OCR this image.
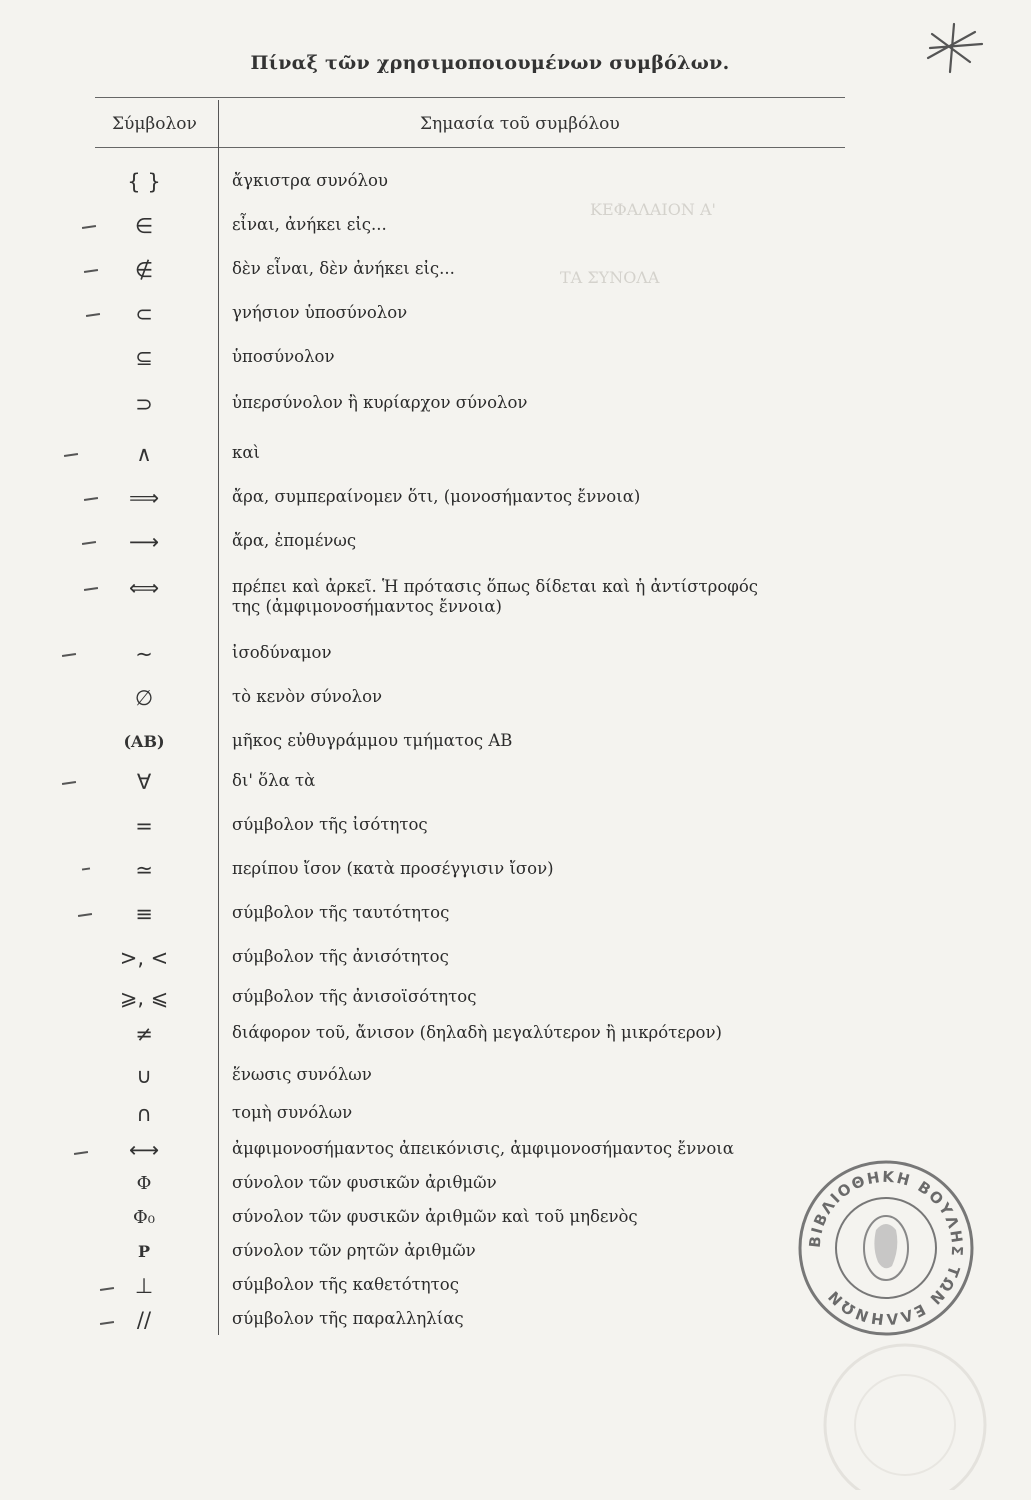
ΚΕΦΑΛΑΙΟΝ Α'
ΤΑ ΣΥΝΟΛΑ

Πίναξ τῶν χρησιμοποιουμένων συμβόλων.
Σύμβολον	Σημασία τοῦ συμβόλου
{ }	ἄγκιστρα συνόλου
∈	εἶναι, ἀνήκει εἰς...
∉	δὲν εἶναι, δὲν ἀνήκει εἰς...
⊂	γνήσιον ὑποσύνολον
⊆	ὑποσύνολον
⊃	ὑπερσύνολον ἢ κυρίαρχον σύνολον
∧	καὶ
⟹	ἄρα, συμπεραίνομεν ὅτι, (μονοσήμαντος ἔννοια)
⟶	ἄρα, ἐπομένως
⟺	πρέπει καὶ ἀρκεῖ. Ἡ πρότασις ὅπως δίδεται καὶ ἡ ἀντίστροφός
της (ἀμφιμονοσήμαντος ἔννοια)
∼	ἰσοδύναμον
∅	τὸ κενὸν σύνολον
(AB)	μῆκος εὐθυγράμμου τμήματος ΑΒ
∀	δι' ὅλα τὰ
=	σύμβολον τῆς ἰσότητος
≃	περίπου ἴσον (κατὰ προσέγγισιν ἴσον)
≡	σύμβολον τῆς ταυτότητος
>, <	σύμβολον τῆς ἀνισότητος
⩾, ⩽	σύμβολον τῆς ἀνισοϊσότητος
≠	διάφορον τοῦ, ἄνισον (δηλαδὴ μεγαλύτερον ἢ μικρότερον)
∪	ἕνωσις συνόλων
∩	τομὴ συνόλων
⟷	ἀμφιμονοσήμαντος ἀπεικόνισις, ἀμφιμονοσήμαντος ἔννοια
Φ	σύνολον τῶν φυσικῶν ἀριθμῶν
Φ₀	σύνολον τῶν φυσικῶν ἀριθμῶν καὶ τοῦ μηδενὸς
Ρ	σύνολον τῶν ρητῶν ἀριθμῶν
⊥	σύμβολον τῆς καθετότητος
//	σύμβολον τῆς παραλληλίας
ΒΙΒΛΙΟΘΗΚΗ ΒΟΥΛΗΣ ΤΩΝ ΕΛΛΗΝΩΝ
